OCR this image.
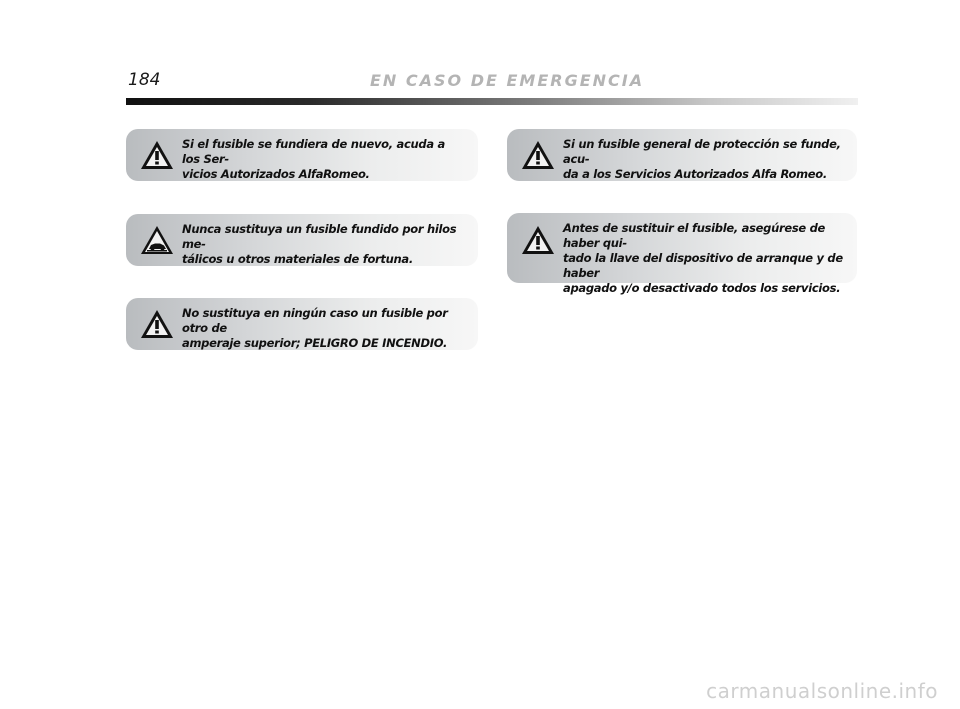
184	EN CASO DE EMERGENCIA
Si el fusible se fundiera de nuevo, acuda a los Ser-
vicios Autorizados AlfaRomeo.
Si un fusible general de protección se funde, acu-
da a los Servicios Autorizados Alfa Romeo.
Nunca sustituya un fusible fundido por hilos me-
tálicos u otros materiales de fortuna.
Antes de sustituir el fusible, asegúrese de haber qui-
tado la llave del dispositivo de arranque y de haber
apagado y/o desactivado todos los servicios.
No sustituya en ningún caso un fusible por otro de
amperaje superior; PELIGRO DE INCENDIO.
carmanualsonline.info
